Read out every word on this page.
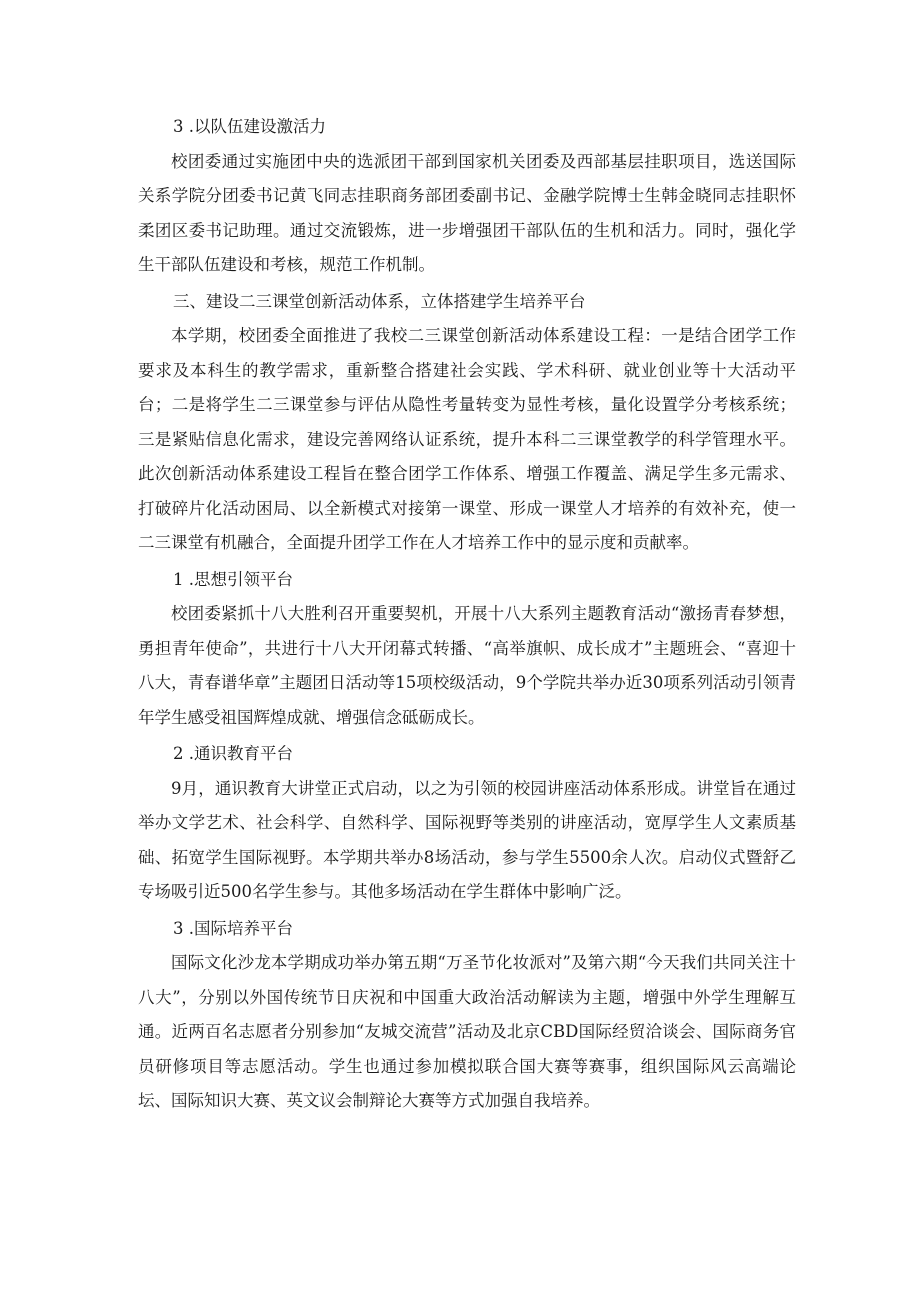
3 .以队伍建设激活力

校团委通过实施团中央的选派团干部到国家机关团委及西部基层挂职项目，选送国际关系学院分团委书记黄飞同志挂职商务部团委副书记、金融学院博士生韩金晓同志挂职怀柔团区委书记助理。通过交流锻炼，进一步增强团干部队伍的生机和活力。同时，强化学生干部队伍建设和考核，规范工作机制。

三、建设二三课堂创新活动体系，立体搭建学生培养平台

本学期，校团委全面推进了我校二三课堂创新活动体系建设工程：一是结合团学工作要求及本科生的教学需求，重新整合搭建社会实践、学术科研、就业创业等十大活动平台；二是将学生二三课堂参与评估从隐性考量转变为显性考核，量化设置学分考核系统；三是紧贴信息化需求，建设完善网络认证系统，提升本科二三课堂教学的科学管理水平。此次创新活动体系建设工程旨在整合团学工作体系、增强工作覆盖、满足学生多元需求、打破碎片化活动困局、以全新模式对接第一课堂、形成一课堂人才培养的有效补充，使一二三课堂有机融合，全面提升团学工作在人才培养工作中的显示度和贡献率。

1 .思想引领平台

校团委紧抓十八大胜利召开重要契机，开展十八大系列主题教育活动“激扬青春梦想，勇担青年使命”，共进行十八大开闭幕式转播、“高举旗帜、成长成才”主题班会、“喜迎十八大，青春谱华章”主题团日活动等15项校级活动，9个学院共举办近30项系列活动引领青年学生感受祖国辉煌成就、增强信念砥砺成长。

2 .通识教育平台

9月，通识教育大讲堂正式启动，以之为引领的校园讲座活动体系形成。讲堂旨在通过举办文学艺术、社会科学、自然科学、国际视野等类别的讲座活动，宽厚学生人文素质基础、拓宽学生国际视野。本学期共举办8场活动，参与学生5500余人次。启动仪式暨舒乙专场吸引近500名学生参与。其他多场活动在学生群体中影响广泛。

3 .国际培养平台

国际文化沙龙本学期成功举办第五期“万圣节化妆派对”及第六期“今天我们共同关注十八大”，分别以外国传统节日庆祝和中国重大政治活动解读为主题，增强中外学生理解互通。近两百名志愿者分别参加“友城交流营”活动及北京CBD国际经贸洽谈会、国际商务官员研修项目等志愿活动。学生也通过参加模拟联合国大赛等赛事，组织国际风云高端论坛、国际知识大赛、英文议会制辩论大赛等方式加强自我培养。
